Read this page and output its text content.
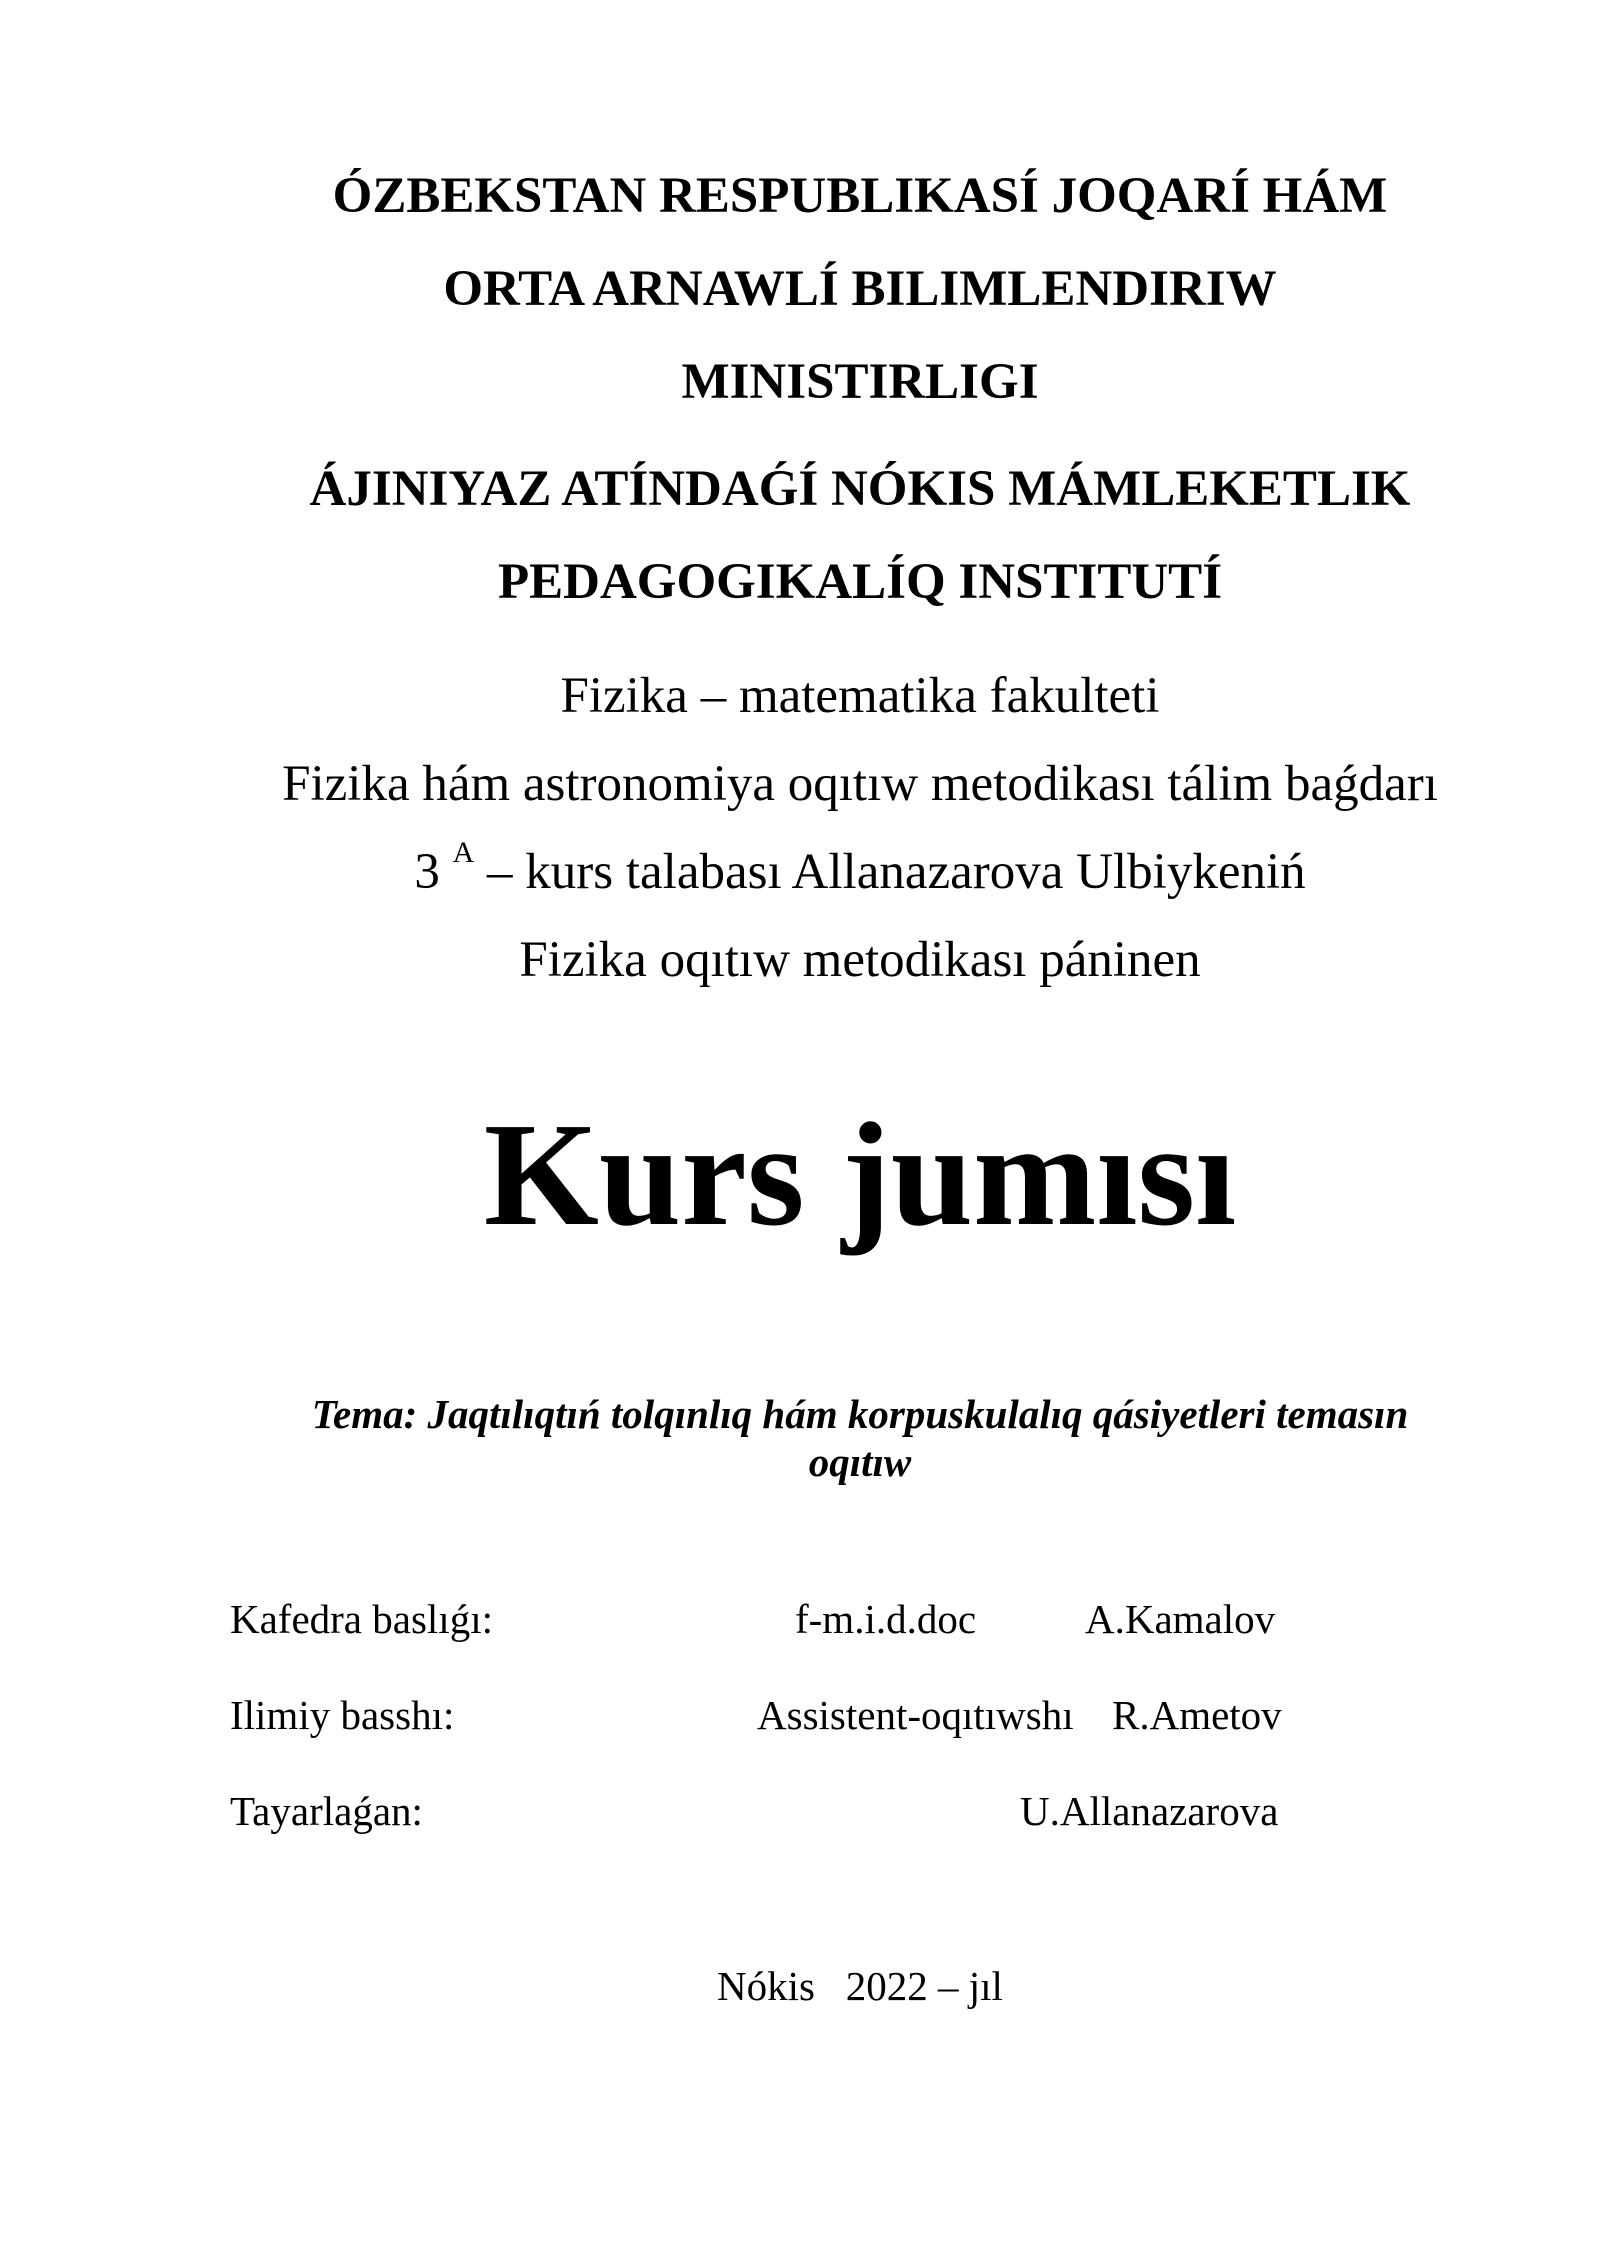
ÓZBEKSTAN RESPUBLIKASÍ JOQARÍ HÁM
ORTA ARNAWLÍ BILIMLENDIRIW
MINISTIRLIGI
ÁJINIYAZ ATÍNDAǴÍ NÓKIS MÁMLEKETLIK
PEDAGOGIKALÍQ INSTITUTÍ
Fizika – matematika fakulteti
Fizika hám astronomiya oqıtıw metodikası tálim baǵdarı
3 $^A$ – kurs talabası Allanazarova Ulbiykeniń
Fizika oqıtıw metodikası páninen
Kurs jumısı
Tema: Jaqtılıqtıń tolqınlıq hám korpuskulalıq qásiyetleri temasın
oqıtıw
Kafedra baslıǵı:	f-m.i.d.doc	A.Kamalov
Ilimiy basshı:	Assistent-oqıtıwshı R.Ametov
Tayarlaǵan:	U.Allanazarova
Nókis 2022 – jıl
